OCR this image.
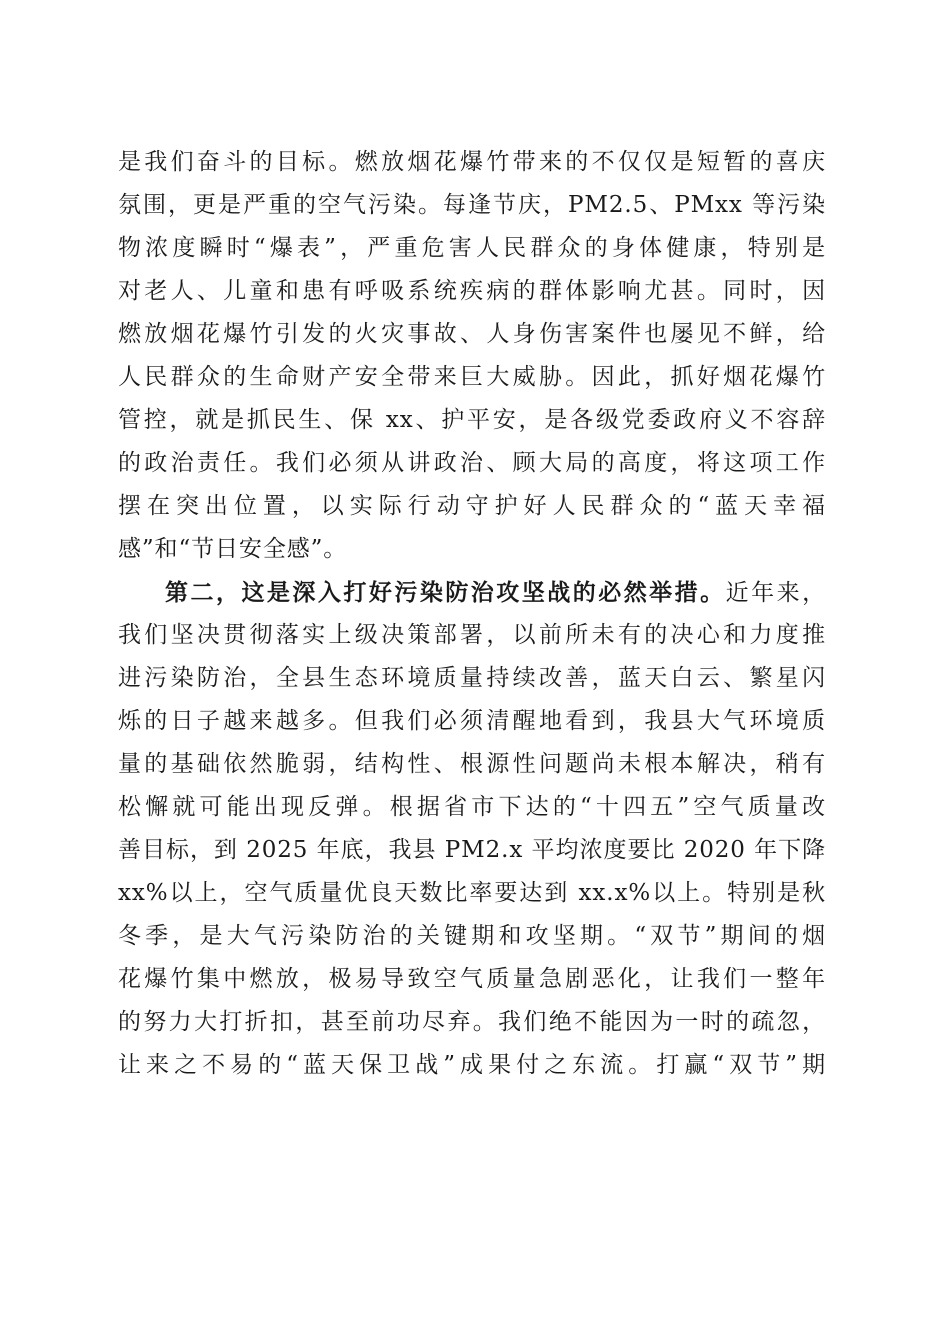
是我们奋斗的目标。燃放烟花爆竹带来的不仅仅是短暂的喜庆
氛围，更是严重的空气污染。每逢节庆，PM2.5、PMxx 等污染
物浓度瞬时“爆表”，严重危害人民群众的身体健康，特别是
对老人、儿童和患有呼吸系统疾病的群体影响尤甚。同时，因
燃放烟花爆竹引发的火灾事故、人身伤害案件也屡见不鲜，给
人民群众的生命财产安全带来巨大威胁。因此，抓好烟花爆竹
管控，就是抓民生、保 xx、护平安，是各级党委政府义不容辞
的政治责任。我们必须从讲政治、顾大局的高度，将这项工作
摆在突出位置，以实际行动守护好人民群众的“蓝天幸福
感”和“节日安全感”。
第二，这是深入打好污染防治攻坚战的必然举措。近年来，
我们坚决贯彻落实上级决策部署，以前所未有的决心和力度推
进污染防治，全县生态环境质量持续改善，蓝天白云、繁星闪
烁的日子越来越多。但我们必须清醒地看到，我县大气环境质
量的基础依然脆弱，结构性、根源性问题尚未根本解决，稍有
松懈就可能出现反弹。根据省市下达的“十四五”空气质量改
善目标，到 2025 年底，我县 PM2.x 平均浓度要比 2020 年下降
xx%以上，空气质量优良天数比率要达到 xx.x%以上。特别是秋
冬季，是大气污染防治的关键期和攻坚期。“双节”期间的烟
花爆竹集中燃放，极易导致空气质量急剧恶化，让我们一整年
的努力大打折扣，甚至前功尽弃。我们绝不能因为一时的疏忽，
让来之不易的“蓝天保卫战”成果付之东流。打赢“双节”期
